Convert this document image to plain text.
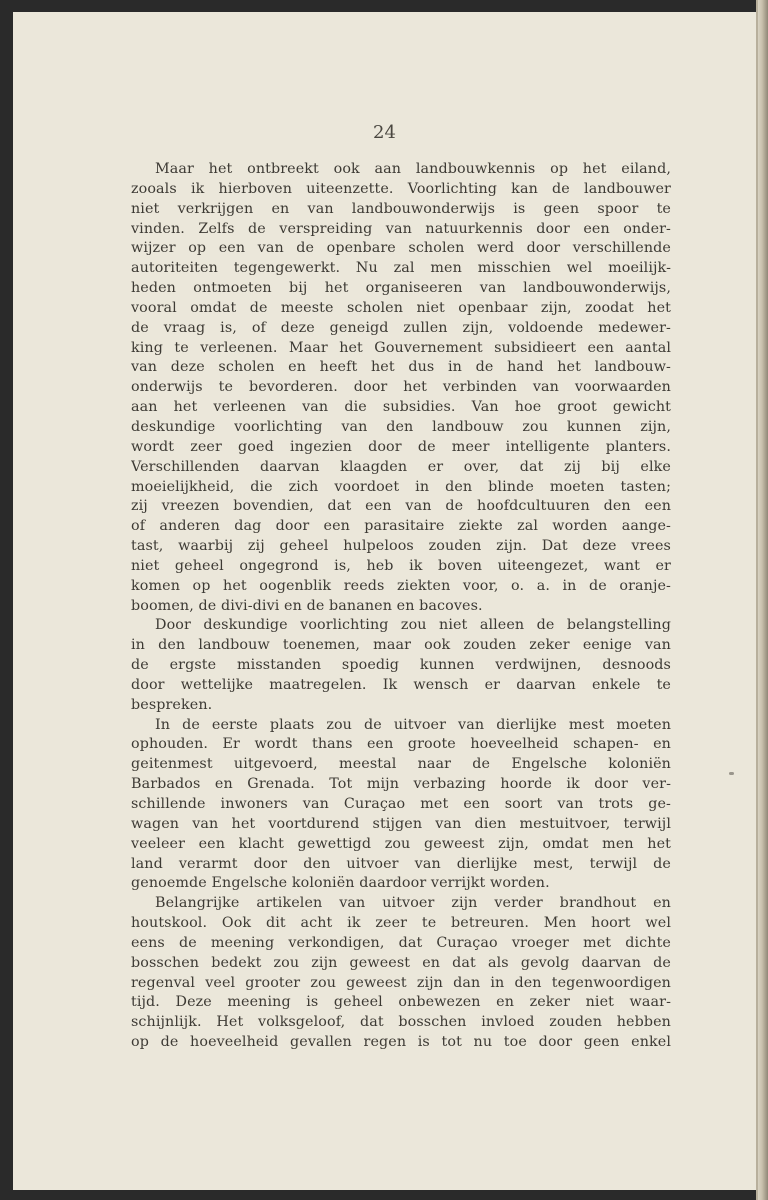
24
Maar het ontbreekt ook aan landbouwkennis op het eiland,
zooals ik hierboven uiteenzette. Voorlichting kan de landbouwer
niet verkrijgen en van landbouwonderwijs is geen spoor te
vinden. Zelfs de verspreiding van natuurkennis door een onder-
wijzer op een van de openbare scholen werd door verschillende
autoriteiten tegengewerkt. Nu zal men misschien wel moeilijk-
heden ontmoeten bij het organiseeren van landbouwonderwijs,
vooral omdat de meeste scholen niet openbaar zijn, zoodat het
de vraag is, of deze geneigd zullen zijn, voldoende medewer-
king te verleenen. Maar het Gouvernement subsidieert een aantal
van deze scholen en heeft het dus in de hand het landbouw-
onderwijs te bevorderen. door het verbinden van voorwaarden
aan het verleenen van die subsidies. Van hoe groot gewicht
deskundige voorlichting van den landbouw zou kunnen zijn,
wordt zeer goed ingezien door de meer intelligente planters.
Verschillenden daarvan klaagden er over, dat zij bij elke
moeielijkheid, die zich voordoet in den blinde moeten tasten;
zij vreezen bovendien, dat een van de hoofdcultuuren den een
of anderen dag door een parasitaire ziekte zal worden aange-
tast, waarbij zij geheel hulpeloos zouden zijn. Dat deze vrees
niet geheel ongegrond is, heb ik boven uiteengezet, want er
komen op het oogenblik reeds ziekten voor, o. a. in de oranje-
boomen, de divi-divi en de bananen en bacoves.
Door deskundige voorlichting zou niet alleen de belangstelling
in den landbouw toenemen, maar ook zouden zeker eenige van
de ergste misstanden spoedig kunnen verdwijnen, desnoods
door wettelijke maatregelen. Ik wensch er daarvan enkele te
bespreken.
In de eerste plaats zou de uitvoer van dierlijke mest moeten
ophouden. Er wordt thans een groote hoeveelheid schapen- en
geitenmest uitgevoerd, meestal naar de Engelsche koloniën
Barbados en Grenada. Tot mijn verbazing hoorde ik door ver-
schillende inwoners van Curaçao met een soort van trots ge-
wagen van het voortdurend stijgen van dien mestuitvoer, terwijl
veeleer een klacht gewettigd zou geweest zijn, omdat men het
land verarmt door den uitvoer van dierlijke mest, terwijl de
genoemde Engelsche koloniën daardoor verrijkt worden.
Belangrijke artikelen van uitvoer zijn verder brandhout en
houtskool. Ook dit acht ik zeer te betreuren. Men hoort wel
eens de meening verkondigen, dat Curaçao vroeger met dichte
bosschen bedekt zou zijn geweest en dat als gevolg daarvan de
regenval veel grooter zou geweest zijn dan in den tegenwoordigen
tijd. Deze meening is geheel onbewezen en zeker niet waar-
schijnlijk. Het volksgeloof, dat bosschen invloed zouden hebben
op de hoeveelheid gevallen regen is tot nu toe door geen enkel
